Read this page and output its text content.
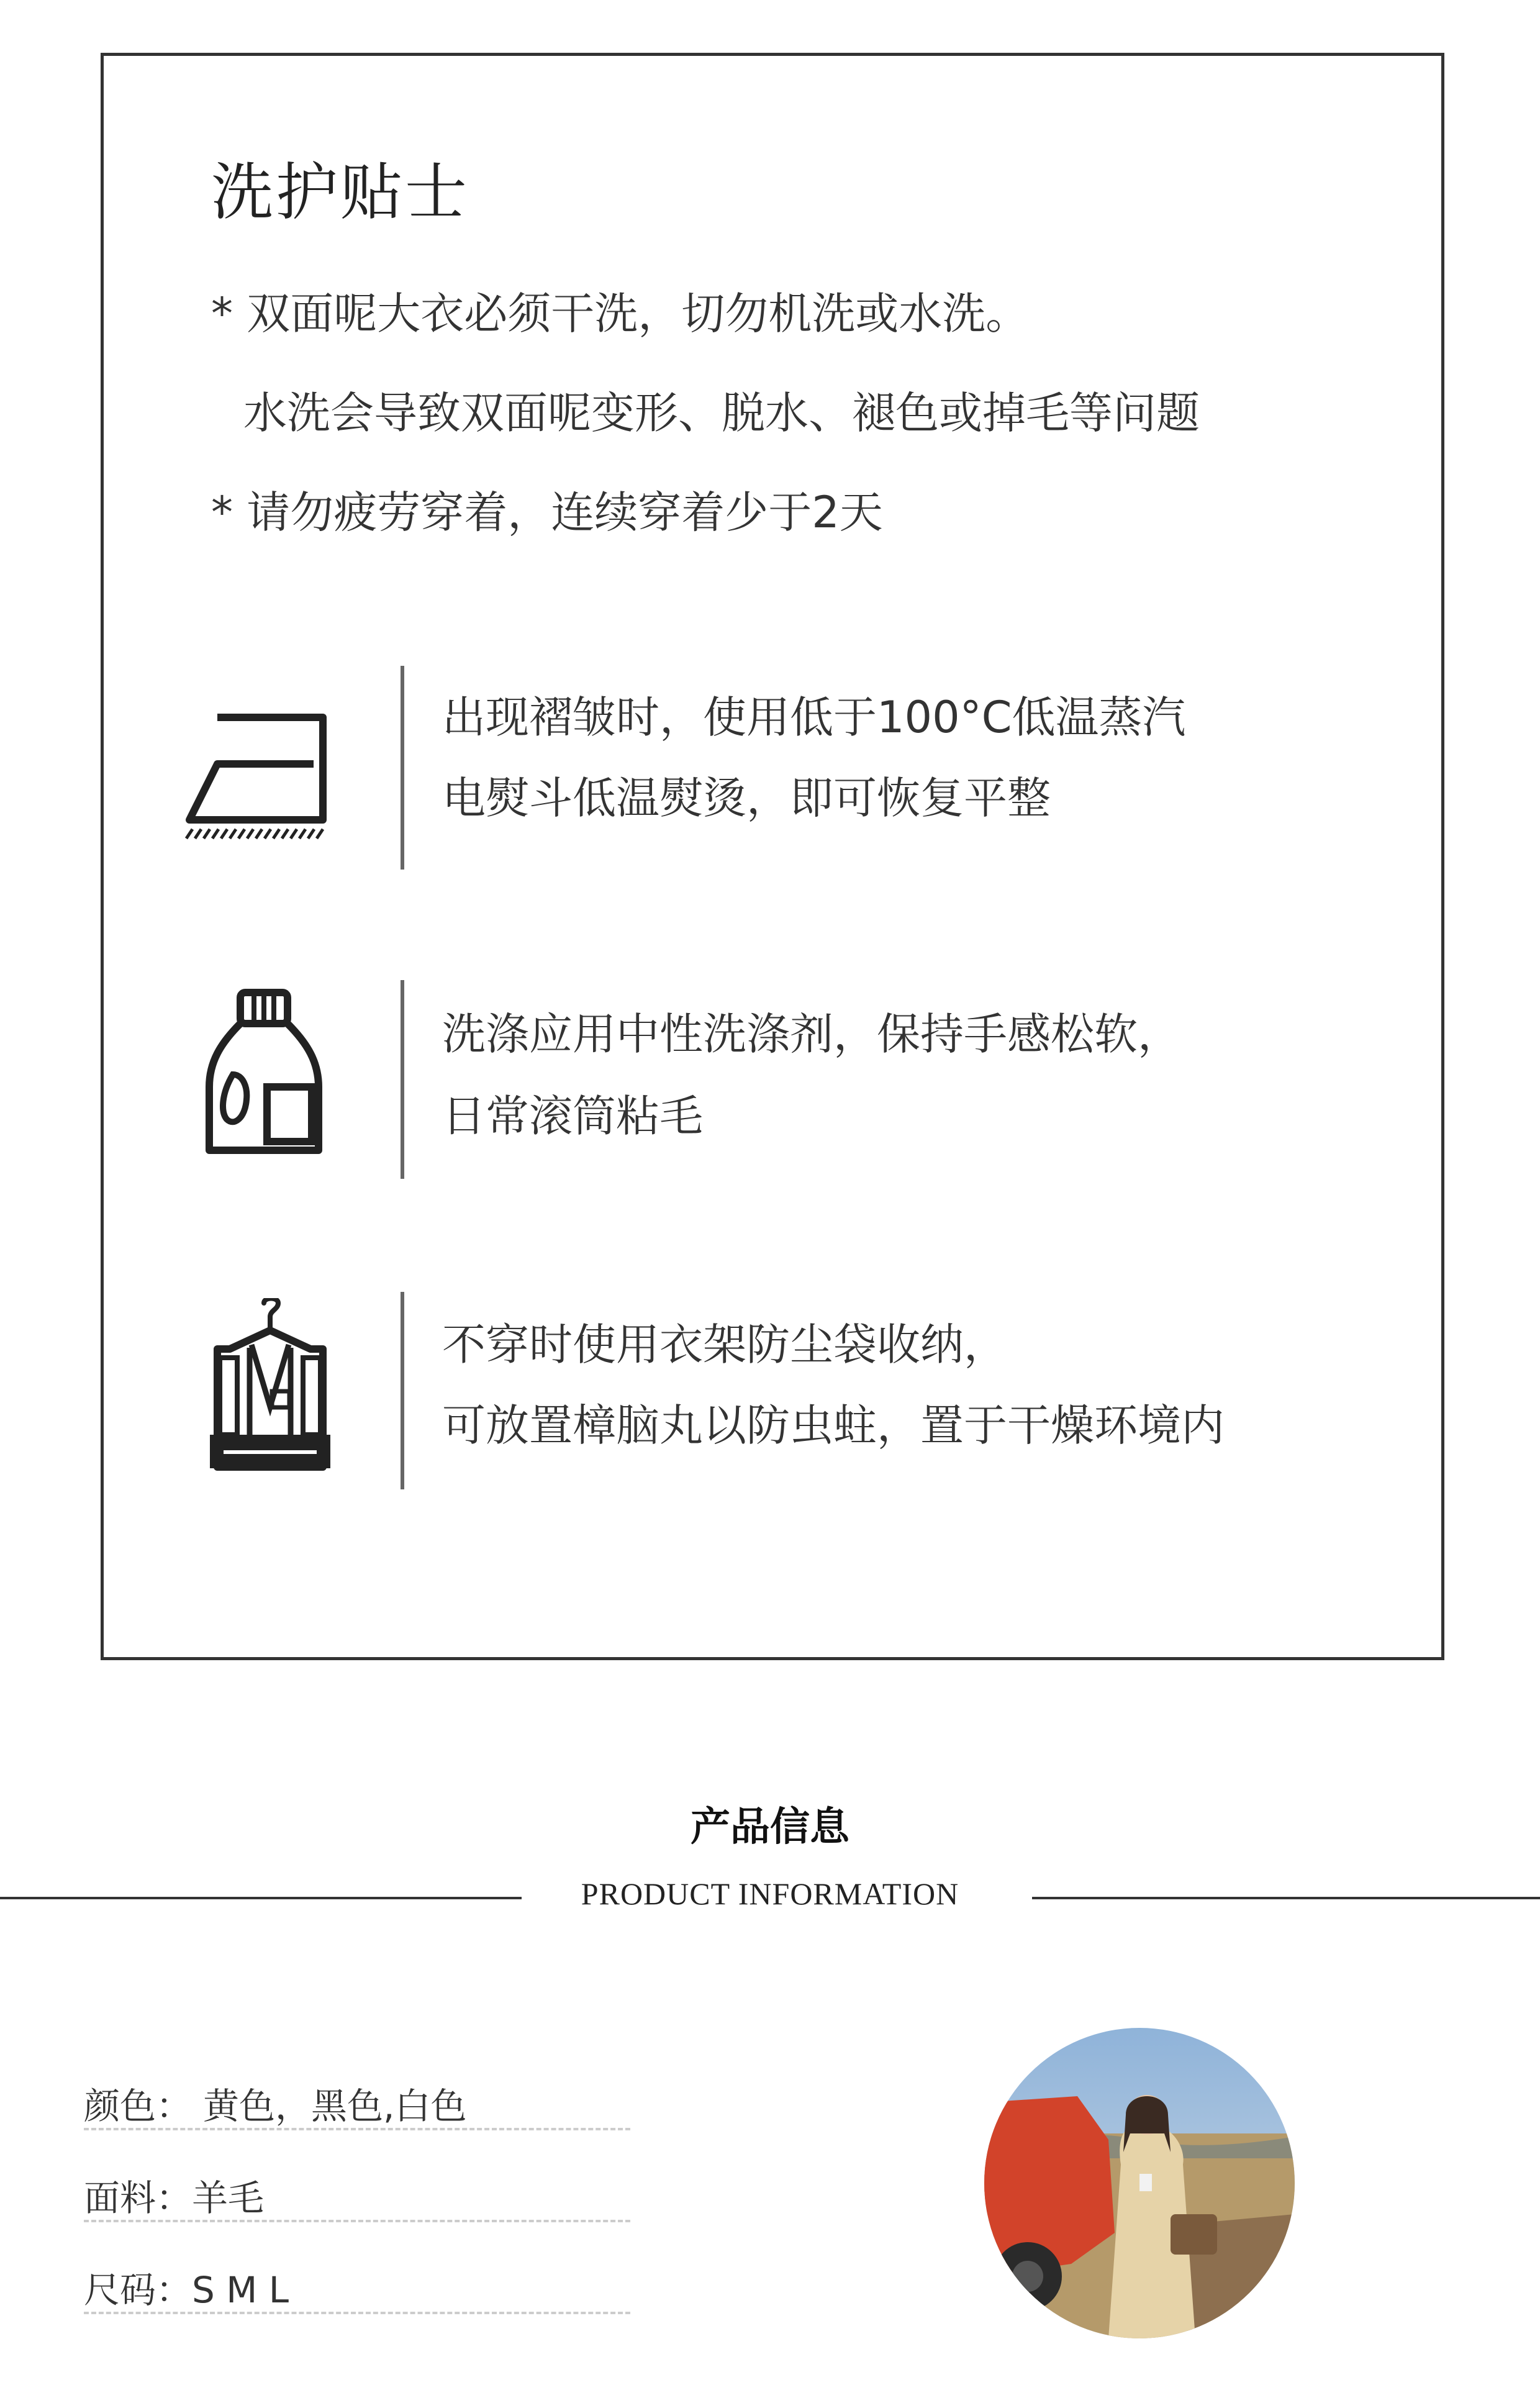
洗护贴士
* 双面呢大衣必须干洗，切勿机洗或水洗。
水洗会导致双面呢变形、脱水、褪色或掉毛等问题
* 请勿疲劳穿着，连续穿着少于2天
出现褶皱时，使用低于100°C低温蒸汽
电熨斗低温熨烫，即可恢复平整
洗涤应用中性洗涤剂，保持手感松软，
日常滚筒粘毛
不穿时使用衣架防尘袋收纳，
可放置樟脑丸以防虫蛀，置于干燥环境内
产品信息
PRODUCT INFORMATION
颜色： 黄色，黑色,白色
面料：羊毛
尺码：S M L
